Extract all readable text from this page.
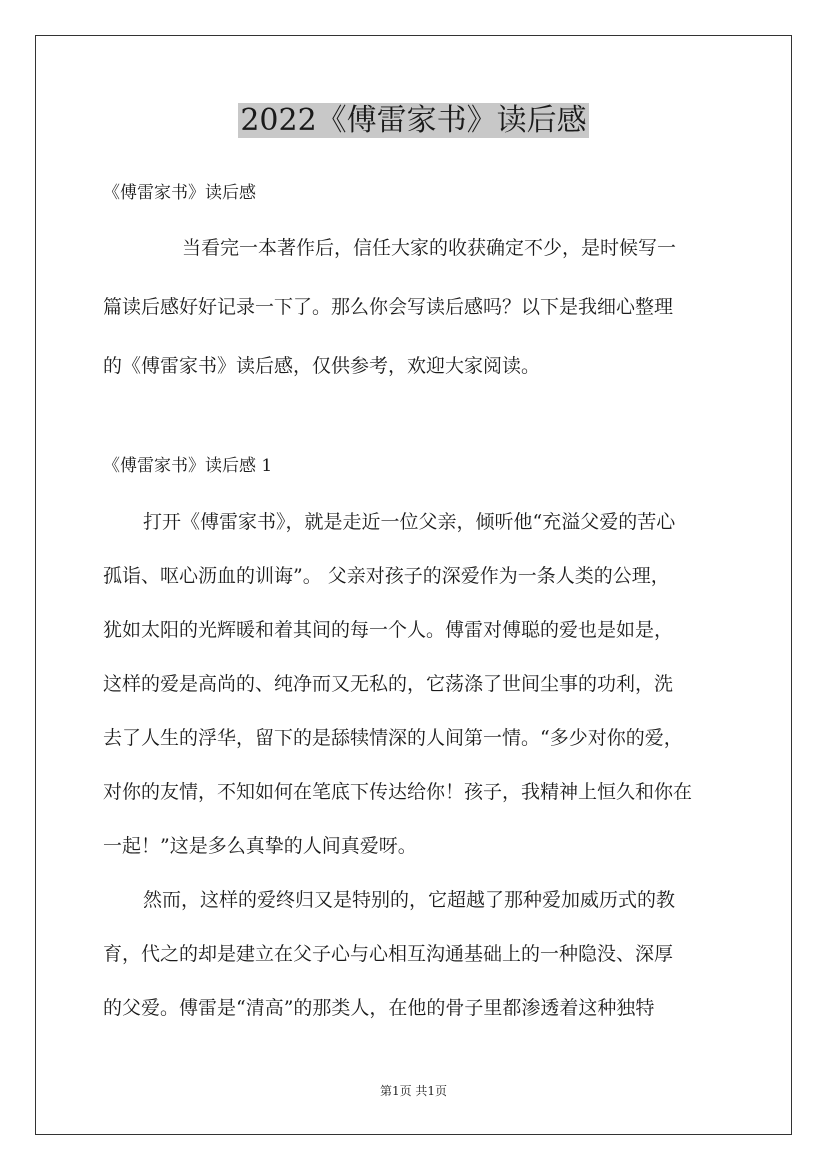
2022《傅雷家书》读后感
《傅雷家书》读后感
当看完一本著作后，信任大家的收获确定不少，是时候写一
篇读后感好好记录一下了。那么你会写读后感吗？以下是我细心整理
的《傅雷家书》读后感，仅供参考，欢迎大家阅读。
《傅雷家书》读后感 1
打开《傅雷家书》，就是走近一位父亲，倾听他“充溢父爱的苦心
孤诣、呕心沥血的训诲”。 父亲对孩子的深爱作为一条人类的公理，
犹如太阳的光辉暖和着其间的每一个人。傅雷对傅聪的爱也是如是，
这样的爱是高尚的、纯净而又无私的，它荡涤了世间尘事的功利，洗
去了人生的浮华，留下的是舔犊情深的人间第一情。“多少对你的爱，
对你的友情，不知如何在笔底下传达给你！孩子，我精神上恒久和你在
一起！”这是多么真挚的人间真爱呀。
然而，这样的爱终归又是特别的，它超越了那种爱加威历式的教
育，代之的却是建立在父子心与心相互沟通基础上的一种隐没、深厚
的父爱。傅雷是“清高”的那类人，在他的骨子里都渗透着这种独特
第1页 共1页
